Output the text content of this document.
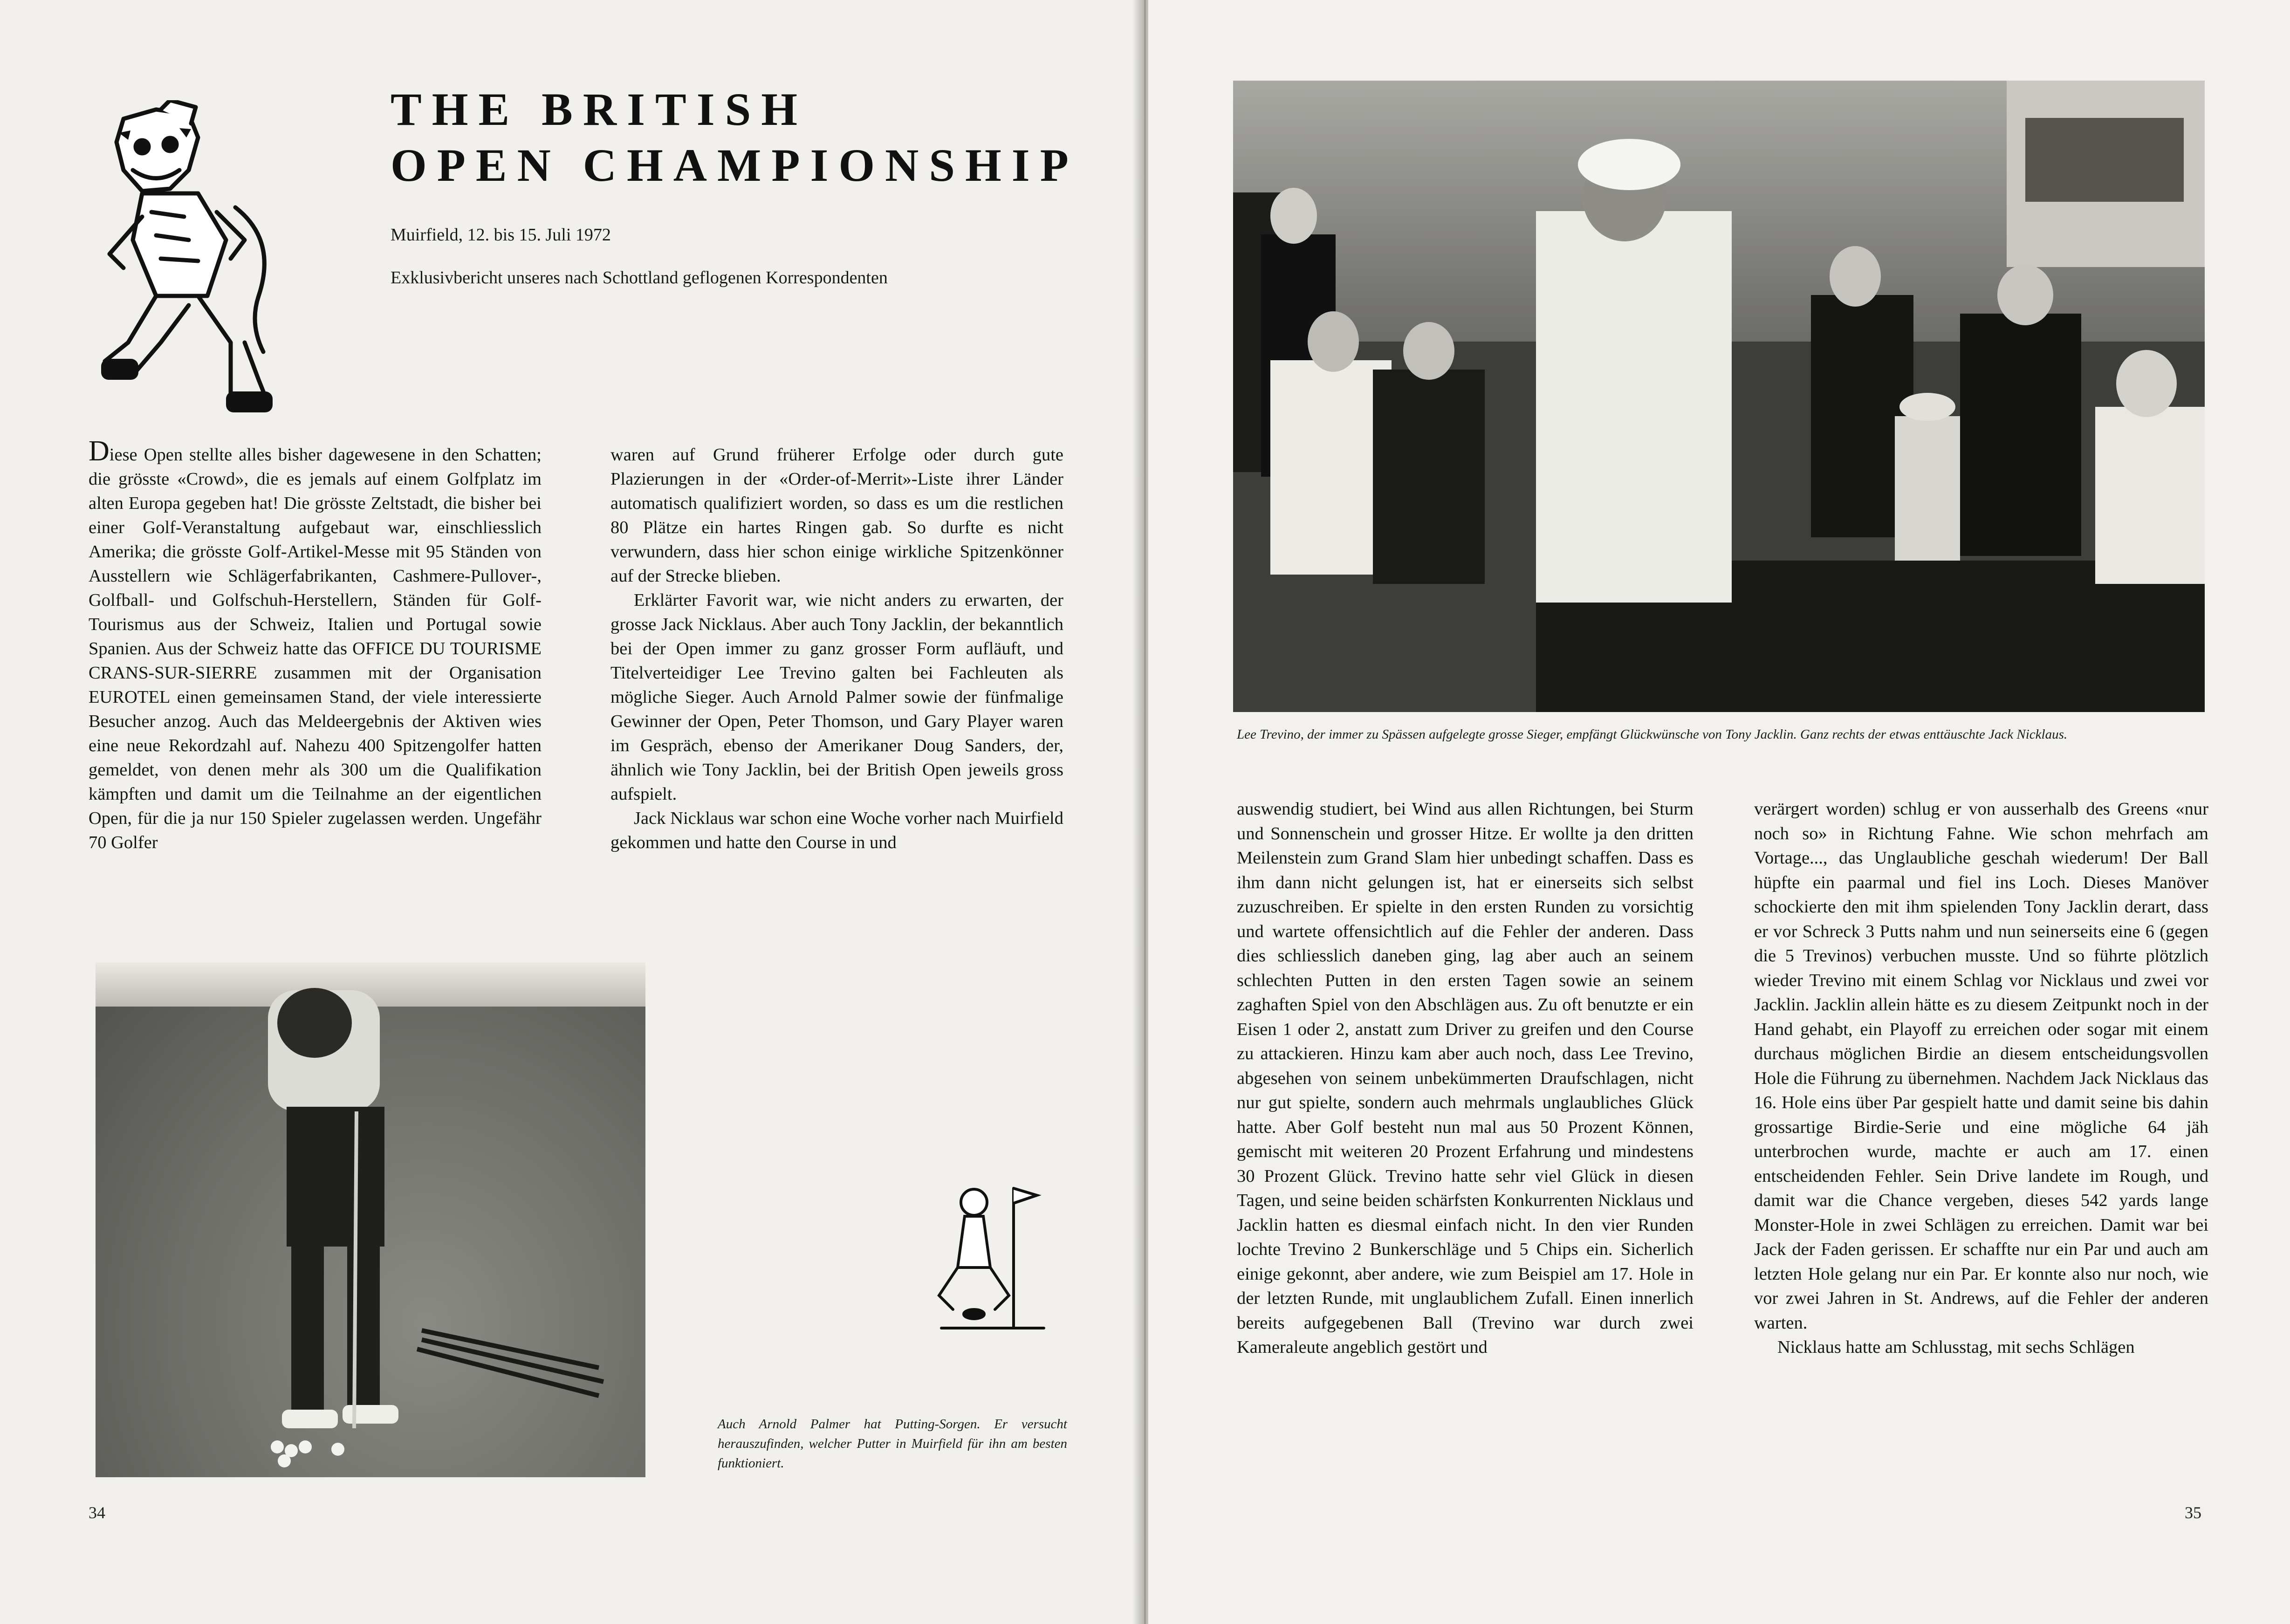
THE BRITISH
OPEN CHAMPIONSHIP
Muirfield, 12. bis 15. Juli 1972
Exklusivbericht unseres nach Schottland geflogenen Korrespondenten

Diese Open stellte alles bisher dagewesene in den Schatten; die grösste «Crowd», die es jemals auf einem Golfplatz im alten Europa gegeben hat! Die grösste Zeltstadt, die bisher bei einer Golf-Veranstaltung aufgebaut war, einschliesslich Amerika; die grösste Golf-Artikel-Messe mit 95 Ständen von Ausstellern wie Schlägerfabrikanten, Cashmere-Pullover-, Golfball- und Golfschuh-Herstellern, Ständen für Golf-Tourismus aus der Schweiz, Italien und Portugal sowie Spanien. Aus der Schweiz hatte das OFFICE DU TOURISME CRANS-SUR-SIERRE zusammen mit der Organisation EUROTEL einen gemeinsamen Stand, der viele interessierte Besucher anzog. Auch das Meldeergebnis der Aktiven wies eine neue Rekordzahl auf. Nahezu 400 Spitzengolfer hatten gemeldet, von denen mehr als 300 um die Qualifikation kämpften und damit um die Teilnahme an der eigentlichen Open, für die ja nur 150 Spieler zugelassen werden. Ungefähr 70 Golfer

waren auf Grund früherer Erfolge oder durch gute Plazierungen in der «Order-of-Merrit»-Liste ihrer Länder automatisch qualifiziert worden, so dass es um die restlichen 80 Plätze ein hartes Ringen gab. So durfte es nicht verwundern, dass hier schon einige wirkliche Spitzenkönner auf der Strecke blieben.

Erklärter Favorit war, wie nicht anders zu erwarten, der grosse Jack Nicklaus. Aber auch Tony Jacklin, der bekanntlich bei der Open immer zu ganz grosser Form aufläuft, und Titelverteidiger Lee Trevino galten bei Fachleuten als mögliche Sieger. Auch Arnold Palmer sowie der fünfmalige Gewinner der Open, Peter Thomson, und Gary Player waren im Gespräch, ebenso der Amerikaner Doug Sanders, der, ähnlich wie Tony Jacklin, bei der British Open jeweils gross aufspielt.

Jack Nicklaus war schon eine Woche vorher nach Muirfield gekommen und hatte den Course in und

Auch Arnold Palmer hat Putting-Sorgen. Er versucht herauszufinden, welcher Putter in Muirfield für ihn am besten funktioniert.
34
Lee Trevino, der immer zu Spässen aufgelegte grosse Sieger, empfängt Glückwünsche von Tony Jacklin. Ganz rechts der etwas enttäuschte Jack Nicklaus.

auswendig studiert, bei Wind aus allen Richtungen, bei Sturm und Sonnenschein und grosser Hitze. Er wollte ja den dritten Meilenstein zum Grand Slam hier unbedingt schaffen. Dass es ihm dann nicht gelungen ist, hat er einerseits sich selbst zuzuschreiben. Er spielte in den ersten Runden zu vorsichtig und wartete offensichtlich auf die Fehler der anderen. Dass dies schliesslich daneben ging, lag aber auch an seinem schlechten Putten in den ersten Tagen sowie an seinem zaghaften Spiel von den Abschlägen aus. Zu oft benutzte er ein Eisen 1 oder 2, anstatt zum Driver zu greifen und den Course zu attackieren. Hinzu kam aber auch noch, dass Lee Trevino, abgesehen von seinem unbekümmerten Draufschlagen, nicht nur gut spielte, sondern auch mehrmals unglaubliches Glück hatte. Aber Golf besteht nun mal aus 50 Prozent Können, gemischt mit weiteren 20 Prozent Erfahrung und mindestens 30 Prozent Glück. Trevino hatte sehr viel Glück in diesen Tagen, und seine beiden schärfsten Konkurrenten Nicklaus und Jacklin hatten es diesmal einfach nicht. In den vier Runden lochte Trevino 2 Bunkerschläge und 5 Chips ein. Sicherlich einige gekonnt, aber andere, wie zum Beispiel am 17. Hole in der letzten Runde, mit unglaublichem Zufall. Einen innerlich bereits aufgegebenen Ball (Trevino war durch zwei Kameraleute angeblich gestört und

verärgert worden) schlug er von ausserhalb des Greens «nur noch so» in Richtung Fahne. Wie schon mehrfach am Vortage..., das Unglaubliche geschah wiederum! Der Ball hüpfte ein paarmal und fiel ins Loch. Dieses Manöver schockierte den mit ihm spielenden Tony Jacklin derart, dass er vor Schreck 3 Putts nahm und nun seinerseits eine 6 (gegen die 5 Trevinos) verbuchen musste. Und so führte plötzlich wieder Trevino mit einem Schlag vor Nicklaus und zwei vor Jacklin. Jacklin allein hätte es zu diesem Zeitpunkt noch in der Hand gehabt, ein Playoff zu erreichen oder sogar mit einem durchaus möglichen Birdie an diesem entscheidungsvollen Hole die Führung zu übernehmen. Nachdem Jack Nicklaus das 16. Hole eins über Par gespielt hatte und damit seine bis dahin grossartige Birdie-Serie und eine mögliche 64 jäh unterbrochen wurde, machte er auch am 17. einen entscheidenden Fehler. Sein Drive landete im Rough, und damit war die Chance vergeben, dieses 542 yards lange Monster-Hole in zwei Schlägen zu erreichen. Damit war bei Jack der Faden gerissen. Er schaffte nur ein Par und auch am letzten Hole gelang nur ein Par. Er konnte also nur noch, wie vor zwei Jahren in St. Andrews, auf die Fehler der anderen warten.

Nicklaus hatte am Schlusstag, mit sechs Schlägen

35
